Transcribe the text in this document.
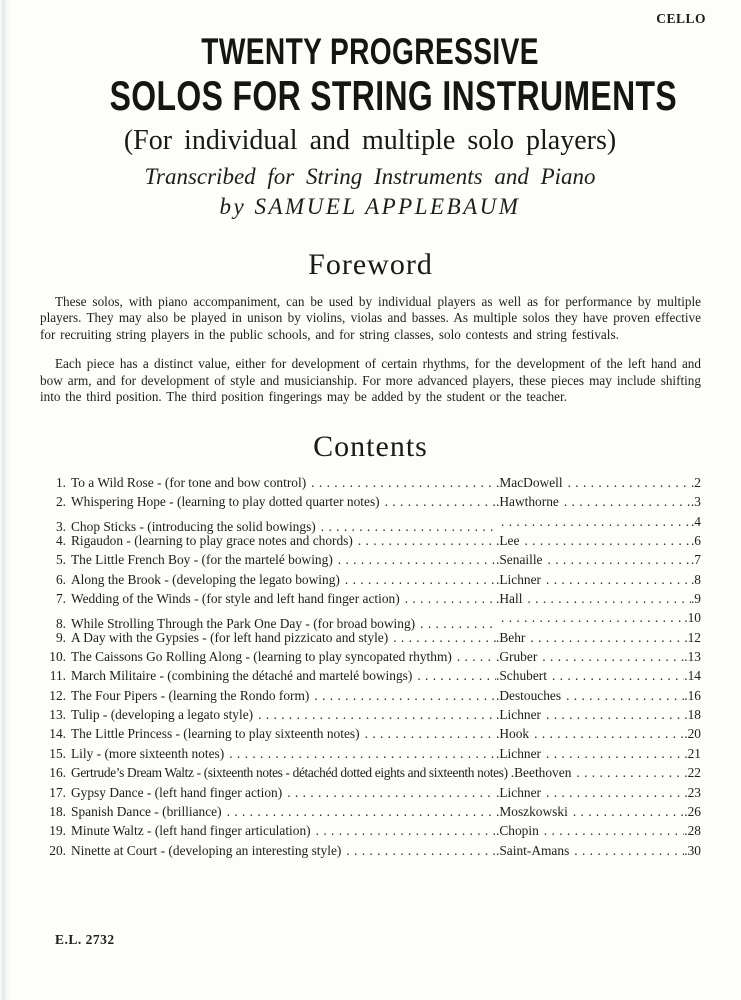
CELLO
TWENTY PROGRESSIVE
SOLOS FOR STRING INSTRUMENTS
(For individual and multiple solo players)
Transcribed for String Instruments and Piano
by SAMUEL APPLEBAUM
Foreword

These solos, with piano accompaniment, can be used by individual players as well as for performance by multiple players. They may also be played in unison by violins, violas and basses. As multiple solos they have proven effective for recruiting string players in the public schools, and for string classes, solo contests and string festivals.

Each piece has a distinct value, either for development of certain rhythms, for the development of the left hand and bow arm, and for development of style and musicianship. For more advanced players, these pieces may include shifting into the third position. The third position fingerings may be added by the student or the teacher.

Contents
1. To a Wild Rose - (for tone and bow control) . . .	. MacDowell . . .	. 2
2. Whispering Hope - (learning to play dotted quarter notes) . . .	. Hawthorne . . .	. 3
3. Chop Sticks - (introducing the solid bowings) . . . . . .	. 4
4. Rigaudon - (learning to play grace notes and chords) . . .	. Lee . . .	. 6
5. The Little French Boy - (for the martelé bowing) . . .	. Senaille . . .	. 7
6. Along the Brook - (developing the legato bowing) . . .	. Lichner . . .	. 8
7. Wedding of the Winds - (for style and left hand finger action) . . .	. Hall . . .	. 9
8. While Strolling Through the Park One Day - (for broad bowing) . . . . . .	. 10
9. A Day with the Gypsies - (for left hand pizzicato and style) . . .	. Behr . . .	. 12
10. The Caissons Go Rolling Along - (learning to play syncopated rhythm) . . .	. Gruber . . .	. 13
11. March Militaire - (combining the détaché and martelé bowings) . . .	. Schubert . . .	. 14
12. The Four Pipers - (learning the Rondo form) . . .	. Destouches . . .	. 16
13. Tulip - (developing a legato style) . . .	. Lichner . . .	. 18
14. The Little Princess - (learning to play sixteenth notes) . . .	. Hook . . .	. 20
15. Lily - (more sixteenth notes) . . .	. Lichner . . .	. 21
16. Gertrude’s Dream Waltz - (sixteenth notes - détachéd dotted eights and sixteenth notes) . Beethoven . . .	. 22
17. Gypsy Dance - (left hand finger action) . . .	. Lichner . . .	. 23
18. Spanish Dance - (brilliance) . . .	. Moszkowski . . .	. 26
19. Minute Waltz - (left hand finger articulation) . . .	. Chopin . . .	. 28
20. Ninette at Court - (developing an interesting style) . . .	. Saint-Amans . . .	. 30
E.L. 2732
